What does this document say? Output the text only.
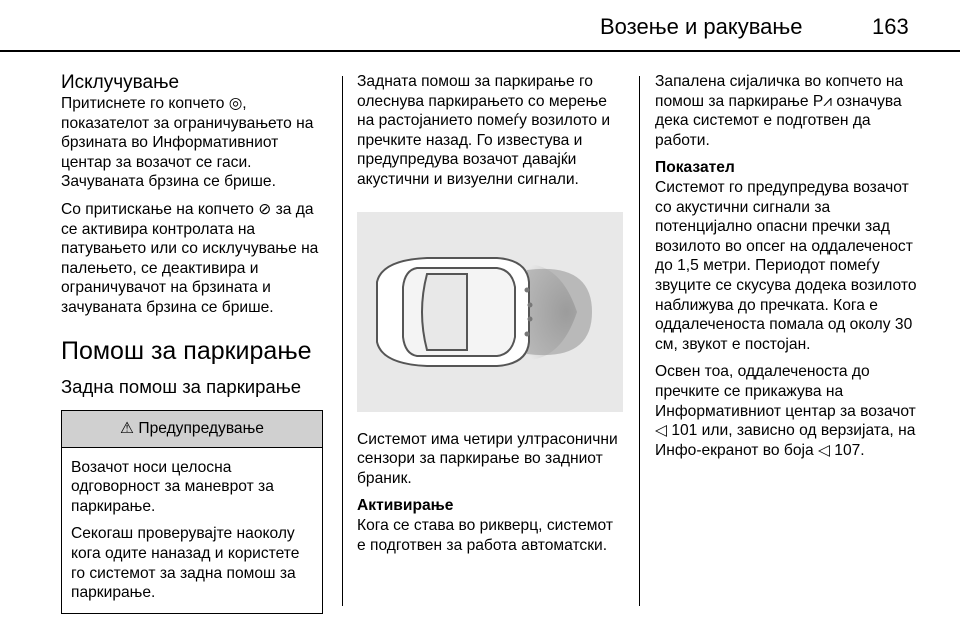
Возење и ракување	163
Исклучување

Притиснете го копчето ◎, показателот за ограничувањето на брзината во Информативниот центар за возачот се гаси. Зачуваната брзина се брише.

Со притискање на копчето ⊘ за да се активира контролата на патувањето или со исклучување на палењето, се деактивира и ограничувачот на брзината и зачуваната брзина се брише.

Помош за паркирање
Задна помош за паркирање
⚠ Предупредување

Возачот носи целосна одговорност за маневрот за паркирање.

Секогаш проверувајте наоколу кога одите наназад и користете го системот за задна помош за паркирање.

Задната помош за паркирање го олеснува паркирањето со мерење на растојанието помеѓу возилото и пречките назад. Го известува и предупредува возачот давајќи акустични и визуелни сигнали.

Системот има четири ултрасонични сензори за паркирање во задниот браник.

Активирање

Кога се става во рикверц, системот е подготвен за работа автоматски.

Запалена сијаличка во копчето на помош за паркирање P⩘ означува дека системот е подготвен да работи.

Показател

Системот го предупредува возачот со акустични сигнали за потенцијално опасни пречки зад возилото во опсег на оддалеченост до 1,5 метри. Периодот помеѓу звуците се скусува додека возилото наближува до пречката. Кога е оддалеченоста помала од околу 30 см, звукот е постојан.

Освен тоа, оддалеченоста до пречките се прикажува на Информативниот центар за возачот ◁ 101 или, зависно од верзијата, на Инфо-екранот во боја ◁ 107.
